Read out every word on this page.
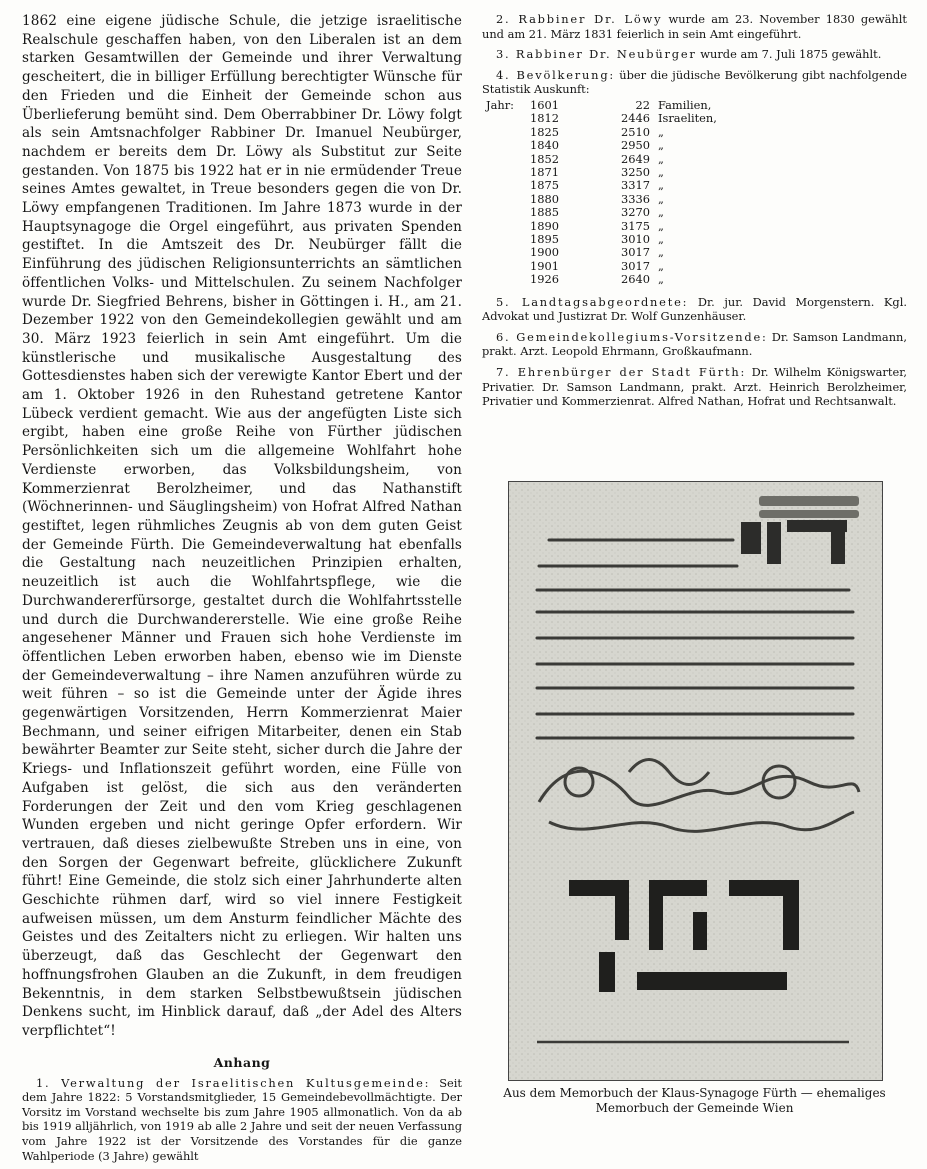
1862 eine eigene jüdische Schule, die jetzige israelitische Realschule geschaffen haben, von den Liberalen ist an dem starken Gesamtwillen der Gemeinde und ihrer Verwaltung gescheitert, die in billiger Erfüllung berechtigter Wünsche für den Frieden und die Einheit der Gemeinde schon aus Überlieferung bemüht sind. Dem Oberrabbiner Dr. Löwy folgt als sein Amtsnachfolger Rabbiner Dr. Imanuel Neubürger, nachdem er bereits dem Dr. Löwy als Substitut zur Seite gestanden. Von 1875 bis 1922 hat er in nie ermüdender Treue seines Amtes gewaltet, in Treue besonders gegen die von Dr. Löwy empfangenen Traditionen. Im Jahre 1873 wurde in der Hauptsynagoge die Orgel eingeführt, aus privaten Spenden gestiftet. In die Amtszeit des Dr. Neubürger fällt die Einführung des jüdischen Religionsunterrichts an sämtlichen öffentlichen Volks- und Mittelschulen. Zu seinem Nachfolger wurde Dr. Siegfried Behrens, bisher in Göttingen i. H., am 21. Dezember 1922 von den Gemeindekollegien gewählt und am 30. März 1923 feierlich in sein Amt eingeführt. Um die künstlerische und musikalische Ausgestaltung des Gottesdienstes haben sich der verewigte Kantor Ebert und der am 1. Oktober 1926 in den Ruhestand getretene Kantor Lübeck verdient gemacht. Wie aus der angefügten Liste sich ergibt, haben eine große Reihe von Fürther jüdischen Persönlichkeiten sich um die allgemeine Wohlfahrt hohe Verdienste erworben, das Volksbildungsheim, von Kommerzienrat Berolzheimer, und das Nathanstift (Wöchnerinnen- und Säuglingsheim) von Hofrat Alfred Nathan gestiftet, legen rühmliches Zeugnis ab von dem guten Geist der Gemeinde Fürth. Die Gemeindeverwaltung hat ebenfalls die Gestaltung nach neuzeitlichen Prinzipien erhalten, neuzeitlich ist auch die Wohlfahrtspflege, wie die Durchwandererfürsorge, gestaltet durch die Wohlfahrtsstelle und durch die Durchwandererstelle. Wie eine große Reihe angesehener Männer und Frauen sich hohe Verdienste im öffentlichen Leben erworben haben, ebenso wie im Dienste der Gemeindeverwaltung – ihre Namen anzuführen würde zu weit führen – so ist die Gemeinde unter der Ägide ihres gegenwärtigen Vorsitzenden, Herrn Kommerzienrat Maier Bechmann, und seiner eifrigen Mitarbeiter, denen ein Stab bewährter Beamter zur Seite steht, sicher durch die Jahre der Kriegs- und Inflationszeit geführt worden, eine Fülle von Aufgaben ist gelöst, die sich aus den veränderten Forderungen der Zeit und den vom Krieg geschlagenen Wunden ergeben und nicht geringe Opfer erfordern. Wir vertrauen, daß dieses zielbewußte Streben uns in eine, von den Sorgen der Gegenwart befreite, glücklichere Zukunft führt! Eine Gemeinde, die stolz sich einer Jahrhunderte alten Geschichte rühmen darf, wird so viel innere Festigkeit aufweisen müssen, um dem Ansturm feindlicher Mächte des Geistes und des Zeitalters nicht zu erliegen. Wir halten uns überzeugt, daß das Geschlecht der Gegenwart den hoffnungsfrohen Glauben an die Zukunft, in dem freudigen Bekenntnis, in dem starken Selbstbewußtsein jüdischen Denkens sucht, im Hinblick darauf, daß „der Adel des Alters verpflichtet“!

Anhang

1. Verwaltung der Israelitischen Kultusgemeinde: Seit dem Jahre 1822: 5 Vorstandsmitglieder, 15 Gemeindebevollmächtigte. Der Vorsitz im Vorstand wechselte bis zum Jahre 1905 allmonatlich. Von da ab bis 1919 alljährlich, von 1919 ab alle 2 Jahre und seit der neuen Verfassung vom Jahre 1922 ist der Vorsitzende des Vorstandes für die ganze Wahlperiode (3 Jahre) gewählt

2. Rabbiner Dr. Löwy wurde am 23. November 1830 gewählt und am 21. März 1831 feierlich in sein Amt eingeführt.

3. Rabbiner Dr. Neubürger wurde am 7. Juli 1875 gewählt.

4. Bevölkerung: über die jüdische Bevölkerung gibt nachfolgende Statistik Auskunft:

Jahr:	1601	22	Familien,
	1812	2446	Israeliten,
	1825	2510	„
	1840	2950	„
	1852	2649	„
	1871	3250	„
	1875	3317	„
	1880	3336	„
	1885	3270	„
	1890	3175	„
	1895	3010	„
	1900	3017	„
	1901	3017	„
	1926	2640	„

5. Landtagsabgeordnete: Dr. jur. David Morgenstern. Kgl. Advokat und Justizrat Dr. Wolf Gunzenhäuser.

6. Gemeindekollegiums-Vorsitzende: Dr. Samson Landmann, prakt. Arzt. Leopold Ehrmann, Großkaufmann.

7. Ehrenbürger der Stadt Fürth: Dr. Wilhelm Königswarter, Privatier. Dr. Samson Landmann, prakt. Arzt. Heinrich Berolzheimer, Privatier und Kommerzienrat. Alfred Nathan, Hofrat und Rechtsanwalt.

Aus dem Memorbuch der Klaus-Synagoge Fürth — ehemaliges Memorbuch der Gemeinde Wien
